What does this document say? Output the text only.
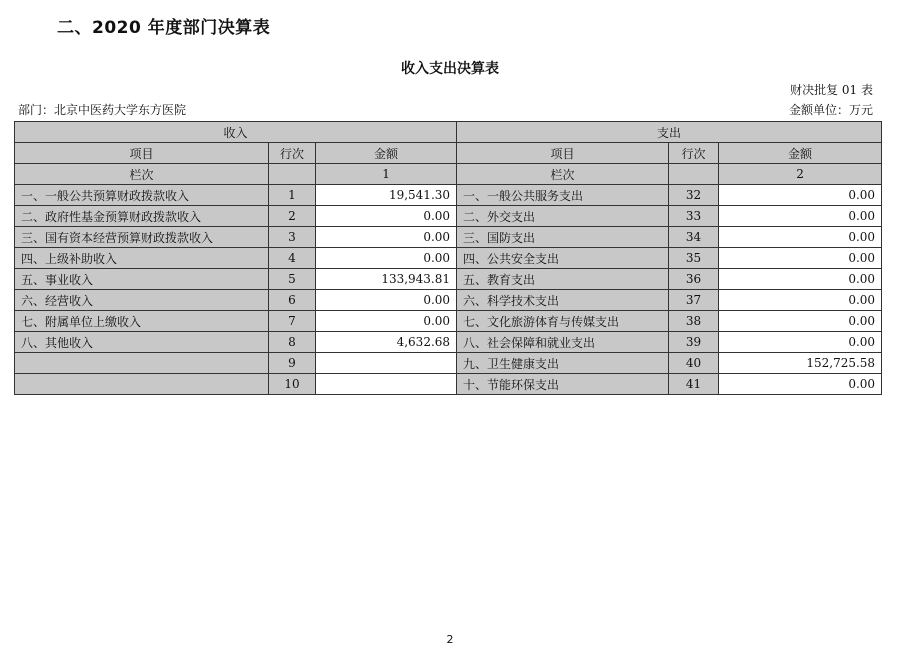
二、2020 年度部门决算表
收入支出决算表
财决批复 01 表
部门：北京中医药大学东方医院	金额单位：万元
收入			支出		
项目	行次	金额	项目	行次	金额
栏次		1	栏次		2
一、一般公共预算财政拨款收入	1	19,541.30	一、一般公共服务支出	32	0.00
二、政府性基金预算财政拨款收入	2	0.00	二、外交支出	33	0.00
三、国有资本经营预算财政拨款收入	3	0.00	三、国防支出	34	0.00
四、上级补助收入	4	0.00	四、公共安全支出	35	0.00
五、事业收入	5	133,943.81	五、教育支出	36	0.00
六、经营收入	6	0.00	六、科学技术支出	37	0.00
七、附属单位上缴收入	7	0.00	七、文化旅游体育与传媒支出	38	0.00
八、其他收入	8	4,632.68	八、社会保障和就业支出	39	0.00
	9		九、卫生健康支出	40	152,725.58
	10		十、节能环保支出	41	0.00
2
